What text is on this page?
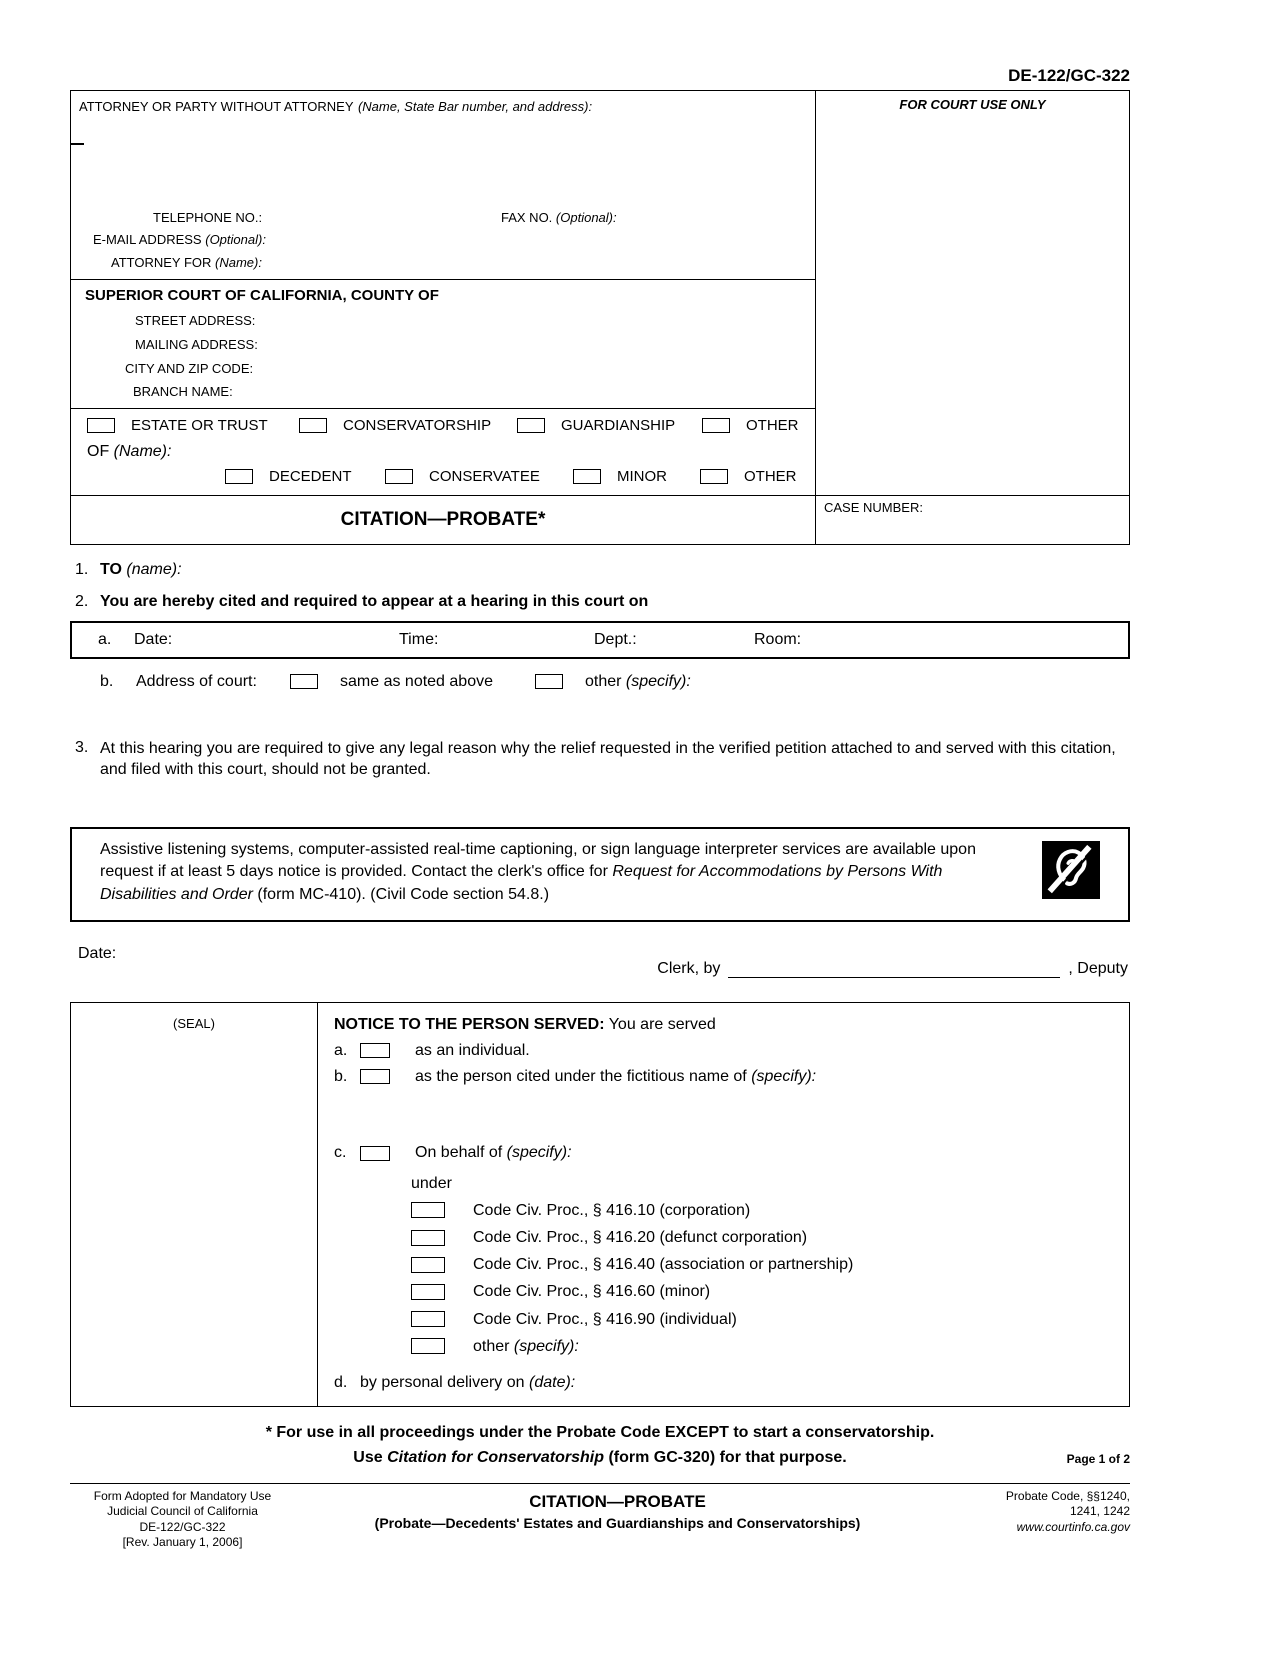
DE-122/GC-322
ATTORNEY OR PARTY WITHOUT ATTORNEY (Name, State Bar number, and address):
TELEPHONE NO.:	FAX NO. (Optional):
E-MAIL ADDRESS (Optional):
ATTORNEY FOR (Name):
SUPERIOR COURT OF CALIFORNIA, COUNTY OF
STREET ADDRESS:
MAILING ADDRESS:
CITY AND ZIP CODE:
BRANCH NAME:
ESTATE OR TRUST	CONSERVATORSHIP	GUARDIANSHIP	OTHER
OF (Name):
DECEDENT	CONSERVATEE	MINOR	OTHER
FOR COURT USE ONLY
CITATION—PROBATE*
CASE NUMBER:
1. TO (name):
2. You are hereby cited and required to appear at a hearing in this court on
a.	Date:	Time:	Dept.:	Room:
b.	Address of court:	same as noted above	other (specify):
3. At this hearing you are required to give any legal reason why the relief requested in the verified petition attached to and served with this citation, and filed with this court, should not be granted.
Assistive listening systems, computer-assisted real-time captioning, or sign language interpreter services are available upon request if at least 5 days notice is provided. Contact the clerk's office for Request for Accommodations by Persons With Disabilities and Order (form MC-410). (Civil Code section 54.8.)
Date:
Clerk, by	, Deputy
(SEAL)	NOTICE TO THE PERSON SERVED: You are served
a.	as an individual.
b.	as the person cited under the fictitious name of (specify):
c.	On behalf of (specify):
under
Code Civ. Proc., § 416.10 (corporation)
Code Civ. Proc., § 416.20 (defunct corporation)
Code Civ. Proc., § 416.40 (association or partnership)
Code Civ. Proc., § 416.60 (minor)
Code Civ. Proc., § 416.90 (individual)
other (specify):
d. by personal delivery on (date):
* For use in all proceedings under the Probate Code EXCEPT to start a conservatorship.
Use Citation for Conservatorship (form GC-320) for that purpose.	Page 1 of 2
Form Adopted for Mandatory Use
Judicial Council of California
DE-122/GC-322
[Rev. January 1, 2006]
CITATION—PROBATE
(Probate—Decedents' Estates and Guardianships and Conservatorships)
Probate Code, §§1240,
1241, 1242
www.courtinfo.ca.gov
